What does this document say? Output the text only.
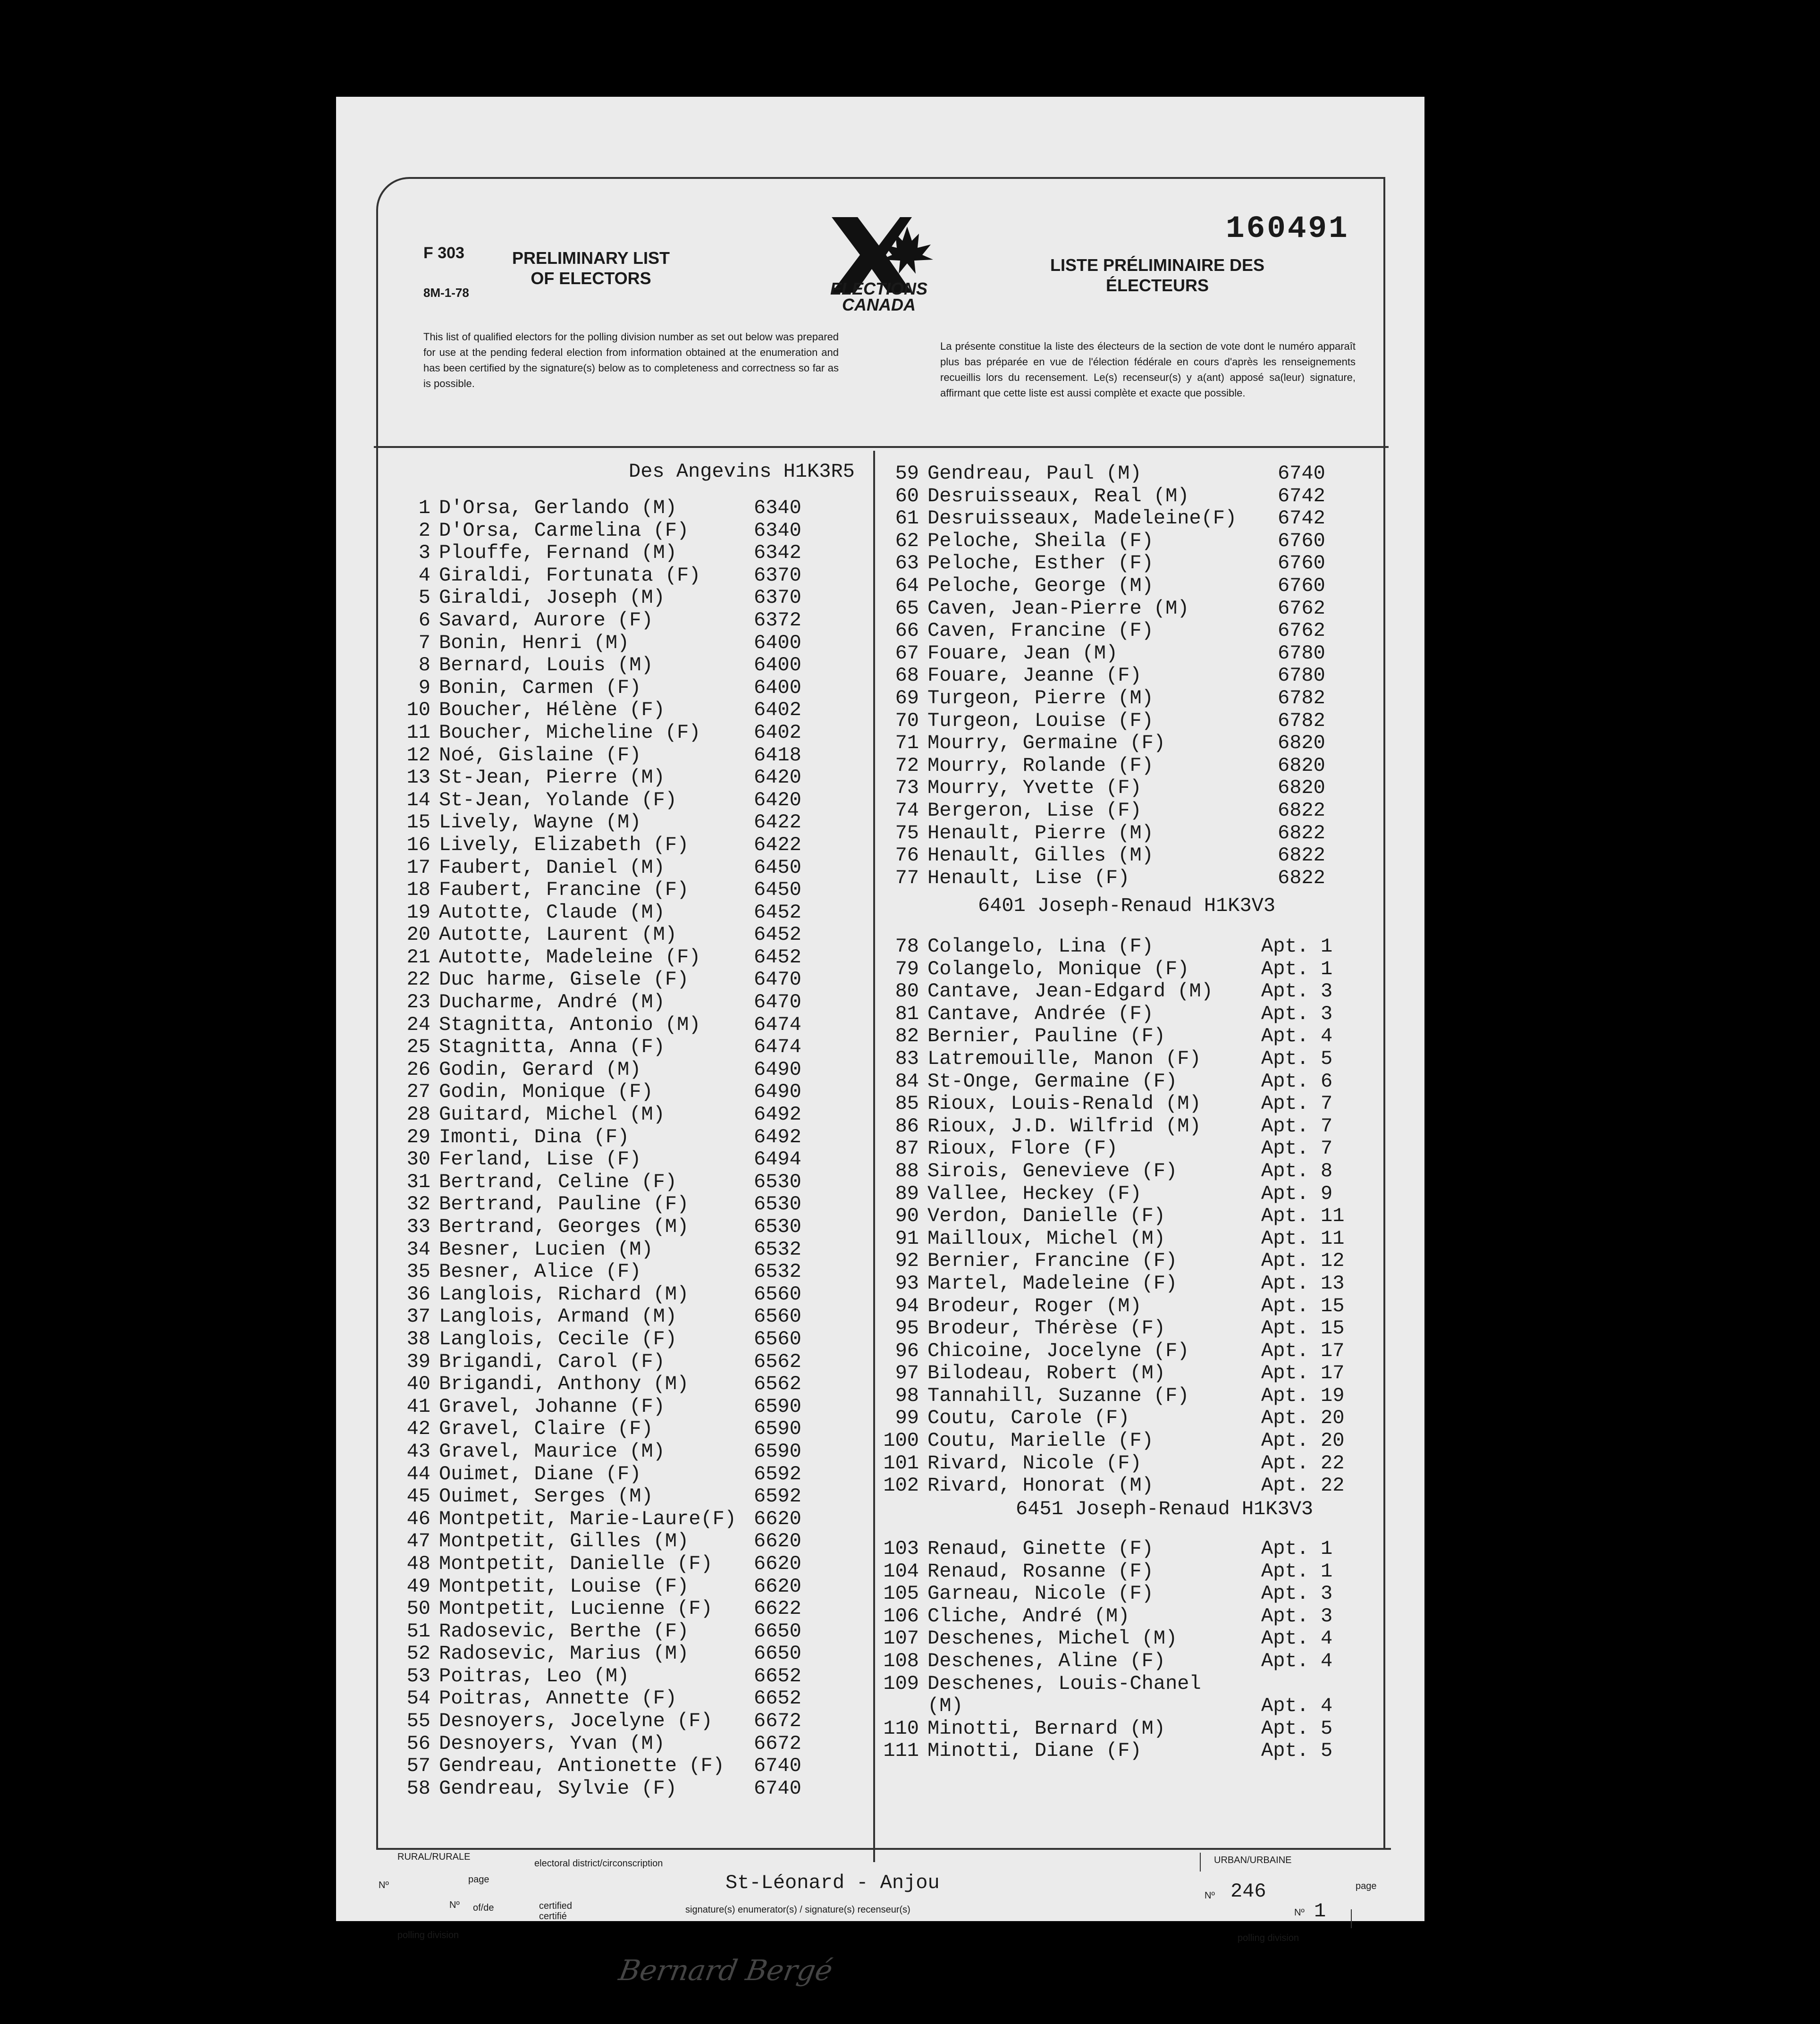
F 303
8M-1-78
PRELIMINARY LIST OF ELECTORS
ELECTIONS CANADA
160491
LISTE PRÉLIMINAIRE DES ÉLECTEURS
This list of qualified electors for the polling division number as set out below was prepared for use at the pending federal election from information obtained at the enumeration and has been certified by the signature(s) below as to completeness and correctness so far as is possible.
La présente constitue la liste des électeurs de la section de vote dont le numéro apparaît plus bas préparée en vue de l'élection fédérale en cours d'après les renseignements recueillis lors du recensement. Le(s) recenseur(s) y a(ant) apposé sa(leur) signature, affirmant que cette liste est aussi complète et exacte que possible.
Des Angevins H1K3R5
1 D'Orsa, Gerlando (M)	6340
2 D'Orsa, Carmelina (F)	6340
3 Plouffe, Fernand (M)	6342
4 Giraldi, Fortunata (F)	6370
5 Giraldi, Joseph (M)	6370
6 Savard, Aurore (F)	6372
7 Bonin, Henri (M)	6400
8 Bernard, Louis (M)	6400
9 Bonin, Carmen (F)	6400
10 Boucher, Hélène (F)	6402
11 Boucher, Micheline (F)	6402
12 Noé, Gislaine (F)	6418
13 St-Jean, Pierre (M)	6420
14 St-Jean, Yolande (F)	6420
15 Lively, Wayne (M)	6422
16 Lively, Elizabeth (F)	6422
17 Faubert, Daniel (M)	6450
18 Faubert, Francine (F)	6450
19 Autotte, Claude (M)	6452
20 Autotte, Laurent (M)	6452
21 Autotte, Madeleine (F)	6452
22 Duc harme, Gisele (F)	6470
23 Ducharme, André (M)	6470
24 Stagnitta, Antonio (M)	6474
25 Stagnitta, Anna (F)	6474
26 Godin, Gerard (M)	6490
27 Godin, Monique (F)	6490
28 Guitard, Michel (M)	6492
29 Imonti, Dina (F)	6492
30 Ferland, Lise (F)	6494
31 Bertrand, Celine (F)	6530
32 Bertrand, Pauline (F)	6530
33 Bertrand, Georges (M)	6530
34 Besner, Lucien (M)	6532
35 Besner, Alice (F)	6532
36 Langlois, Richard (M)	6560
37 Langlois, Armand (M)	6560
38 Langlois, Cecile (F)	6560
39 Brigandi, Carol (F)	6562
40 Brigandi, Anthony (M)	6562
41 Gravel, Johanne (F)	6590
42 Gravel, Claire (F)	6590
43 Gravel, Maurice (M)	6590
44 Ouimet, Diane (F)	6592
45 Ouimet, Serges (M)	6592
46 Montpetit, Marie-Laure(F) 6620
47 Montpetit, Gilles (M)	6620
48 Montpetit, Danielle (F) 6620
49 Montpetit, Louise (F)	6620
50 Montpetit, Lucienne (F) 6622
51 Radosevic, Berthe (F)	6650
52 Radosevic, Marius (M)	6650
53 Poitras, Leo (M)	6652
54 Poitras, Annette (F)	6652
55 Desnoyers, Jocelyne (F) 6672
56 Desnoyers, Yvan (M)	6672
57 Gendreau, Antionette (F) 6740
58 Gendreau, Sylvie (F)	6740
59 Gendreau, Paul (M)	6740
60 Desruisseaux, Real (M)	6742
61 Desruisseaux, Madeleine(F) 6742
62 Peloche, Sheila (F)	6760
63 Peloche, Esther (F)	6760
64 Peloche, George (M)	6760
65 Caven, Jean-Pierre (M)	6762
66 Caven, Francine (F)	6762
67 Fouare, Jean (M)	6780
68 Fouare, Jeanne (F)	6780
69 Turgeon, Pierre (M)	6782
70 Turgeon, Louise (F)	6782
71 Mourry, Germaine (F)	6820
72 Mourry, Rolande (F)	6820
73 Mourry, Yvette (F)	6820
74 Bergeron, Lise (F)	6822
75 Henault, Pierre (M)	6822
76 Henault, Gilles (M)	6822
77 Henault, Lise (F)	6822
6401 Joseph-Renaud H1K3V3
78 Colangelo, Lina (F)	Apt. 1
79 Colangelo, Monique (F)	Apt. 1
80 Cantave, Jean-Edgard (M) Apt. 3
81 Cantave, Andrée (F)	Apt. 3
82 Bernier, Pauline (F)	Apt. 4
83 Latremouille, Manon (F)	Apt. 5
84 St-Onge, Germaine (F)	Apt. 6
85 Rioux, Louis-Renald (M)	Apt. 7
86 Rioux, J.D. Wilfrid (M)	Apt. 7
87 Rioux, Flore (F)	Apt. 7
88 Sirois, Genevieve (F)	Apt. 8
89 Vallee, Heckey (F)	Apt. 9
90 Verdon, Danielle (F)	Apt. 11
91 Mailloux, Michel (M)	Apt. 11
92 Bernier, Francine (F)	Apt. 12
93 Martel, Madeleine (F)	Apt. 13
94 Brodeur, Roger (M)	Apt. 15
95 Brodeur, Thérèse (F)	Apt. 15
96 Chicoine, Jocelyne (F)	Apt. 17
97 Bilodeau, Robert (M)	Apt. 17
98 Tannahill, Suzanne (F)	Apt. 19
99 Coutu, Carole (F)	Apt. 20
100 Coutu, Marielle (F)	Apt. 20
101 Rivard, Nicole (F)	Apt. 22
102 Rivard, Honorat (M)	Apt. 22
6451 Joseph-Renaud H1K3V3
103 Renaud, Ginette (F)	Apt. 1
104 Renaud, Rosanne (F)	Apt. 1
105 Garneau, Nicole (F)	Apt. 3
106 Cliche, André (M)	Apt. 3
107 Deschenes, Michel (M)	Apt. 4
108 Deschenes, Aline (F)	Apt. 4
109 Deschenes, Louis-Chanel
(M)	Apt. 4
110 Minotti, Bernard (M)	Apt. 5
111 Minotti, Diane (F)	Apt. 5
RURAL/RURALE
electoral district/circonscription	URBAN/URBAINE
Nº
page
Nº of/de	certified certifié
polling division
St-Léonard - Anjou
signature(s) enumerator(s) / signature(s) recenseur(s)
Bernard Bergé
Nº 246	page
Nº 1
polling division
